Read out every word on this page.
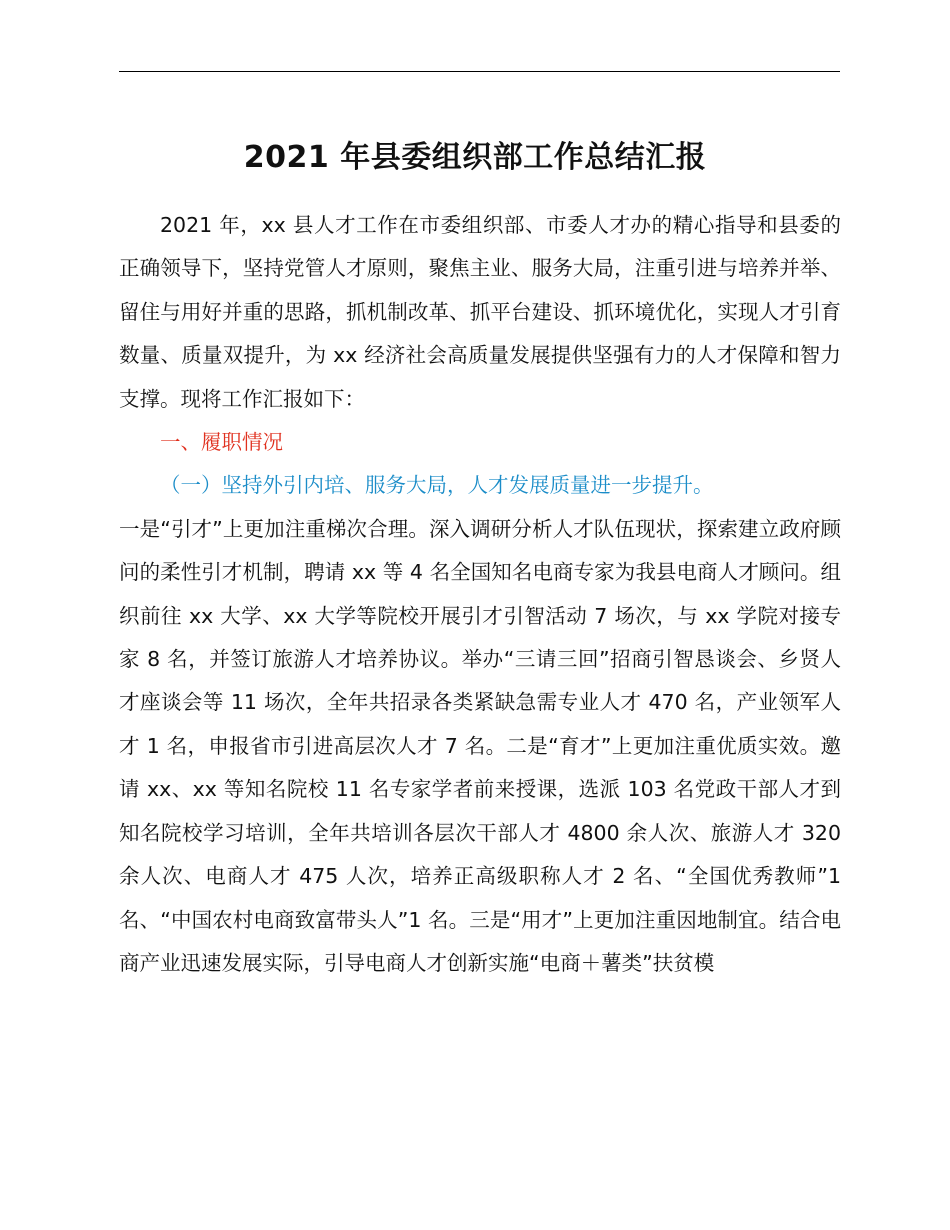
2021 年县委组织部工作总结汇报

2021 年，xx 县人才工作在市委组织部、市委人才办的精心指导和县委的正确领导下，坚持党管人才原则，聚焦主业、服务大局，注重引进与培养并举、留住与用好并重的思路，抓机制改革、抓平台建设、抓环境优化，实现人才引育数量、质量双提升，为 xx 经济社会高质量发展提供坚强有力的人才保障和智力支撑。现将工作汇报如下：

一、履职情况

（一）坚持外引内培、服务大局，人才发展质量进一步提升。

一是“引才”上更加注重梯次合理。深入调研分析人才队伍现状，探索建立政府顾问的柔性引才机制，聘请 xx 等 4 名全国知名电商专家为我县电商人才顾问。组织前往 xx 大学、xx 大学等院校开展引才引智活动 7 场次，与 xx 学院对接专家 8 名，并签订旅游人才培养协议。举办“三请三回”招商引智恳谈会、乡贤人才座谈会等 11 场次，全年共招录各类紧缺急需专业人才 470 名，产业领军人才 1 名，申报省市引进高层次人才 7 名。二是“育才”上更加注重优质实效。邀请 xx、xx 等知名院校 11 名专家学者前来授课，选派 103 名党政干部人才到知名院校学习培训，全年共培训各层次干部人才 4800 余人次、旅游人才 320 余人次、电商人才 475 人次，培养正高级职称人才 2 名、“全国优秀教师”1 名、“中国农村电商致富带头人”1 名。三是“用才”上更加注重因地制宜。结合电商产业迅速发展实际，引导电商人才创新实施“电商＋薯类”扶贫模
